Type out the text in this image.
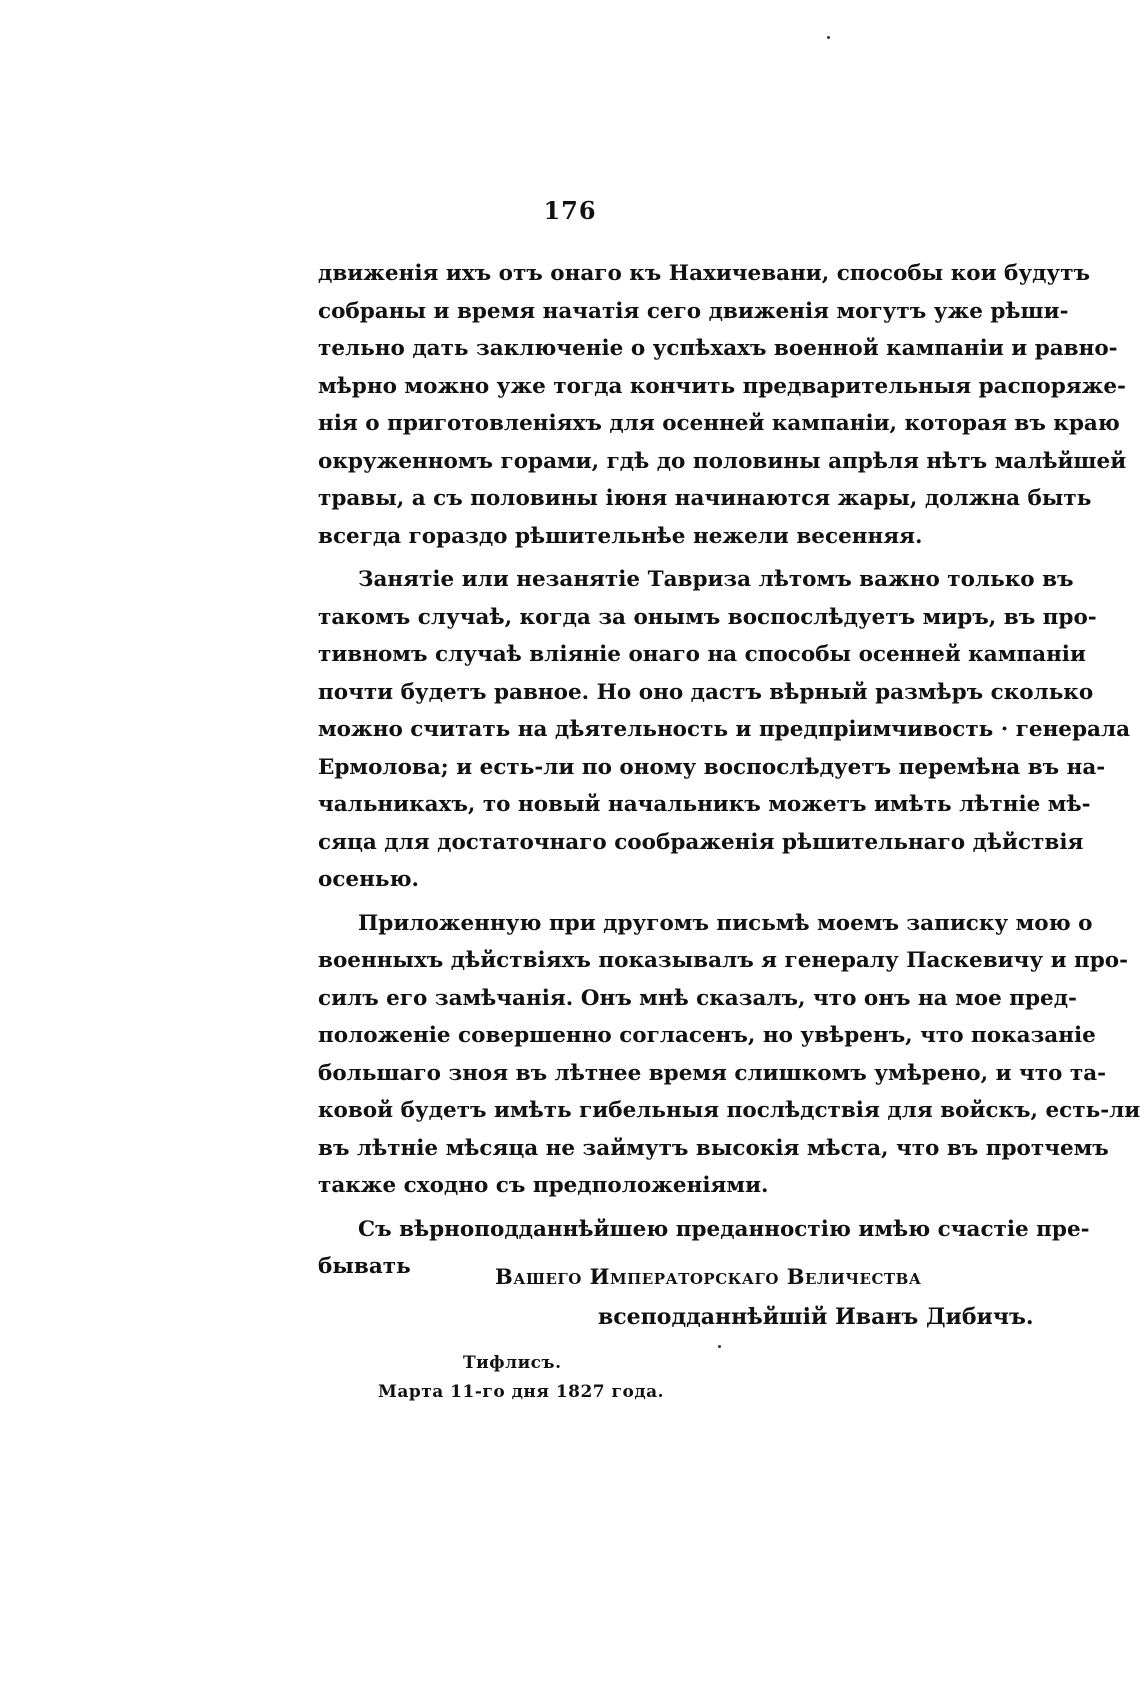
176
движенія ихъ отъ онаго къ Нахичевани, способы кои будутъ
собраны и время начатія сего движенія могутъ уже рѣши-
тельно дать заключеніе о успѣхахъ военной кампаніи и равно-
мѣрно можно уже тогда кончить предварительныя распоряже-
нія о приготовленіяхъ для осенней кампаніи, которая въ краю
окруженномъ горами, гдѣ до половины апрѣля нѣтъ малѣйшей
травы, а съ половины іюня начинаются жары, должна быть
всегда гораздо рѣшительнѣе нежели весенняя.
Занятіе или незанятіе Тавриза лѣтомъ важно только въ
такомъ случаѣ, когда за онымъ воспослѣдуетъ миръ, въ про-
тивномъ случаѣ вліяніе онаго на способы осенней кампаніи
почти будетъ равное. Но оно дастъ вѣрный размѣръ сколько
можно считать на дѣятельность и предпріимчивость · генерала
Ермолова; и есть-ли по оному воспослѣдуетъ перемѣна въ на-
чальникахъ, то новый начальникъ можетъ имѣть лѣтніе мѣ-
сяца для достаточнаго соображенія рѣшительнаго дѣйствія
осенью.
Приложенную при другомъ письмѣ моемъ записку мою о
военныхъ дѣйствіяхъ показывалъ я генералу Паскевичу и про-
силъ его замѣчанія. Онъ мнѣ сказалъ, что онъ на мое пред-
положеніе совершенно согласенъ, но увѣренъ, что показаніе
большаго зноя въ лѣтнее время слишкомъ умѣрено, и что та-
ковой будетъ имѣть гибельныя послѣдствія для войскъ, есть-ли
въ лѣтніе мѣсяца не займутъ высокія мѣста, что въ протчемъ
также сходно съ предположеніями.
Съ вѣрноподданнѣйшею преданностію имѣю счастіе пре-
бывать	Вашего Императорскаго Величества
всеподданнѣйшій Иванъ Дибичъ.
Тифлисъ.
Марта 11-го дня 1827 года.
